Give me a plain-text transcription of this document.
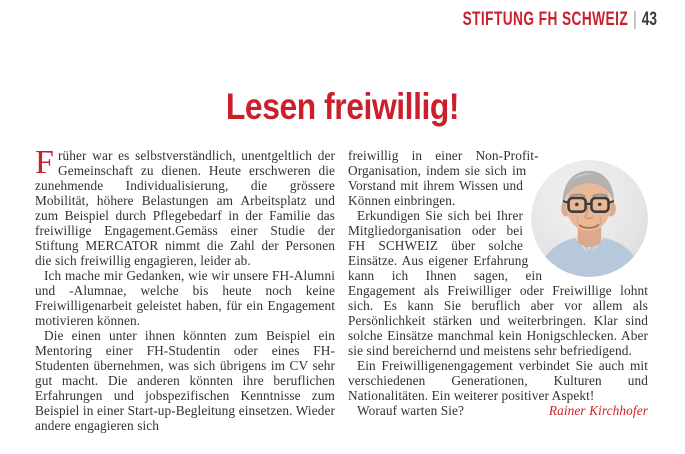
STIFTUNG FH SCHWEIZ | 43
Lesen freiwillig!

Früher war es selbstverständlich, unentgeltlich der Gemeinschaft zu dienen. Heute erschweren die zunehmende Individualisierung, die grössere Mobilität, höhere Belastungen am Arbeitsplatz und zum Beispiel durch Pflegebedarf in der Familie das freiwillige Engagement.Gemäss einer Studie der Stiftung MERCATOR nimmt die Zahl der Personen die sich freiwillig engagieren, leider ab.

Ich mache mir Gedanken, wie wir unsere FH-Alumni und -Alumnae, welche bis heute noch keine Freiwilligenarbeit geleistet haben, für ein Engagement motivieren können.

Die einen unter ihnen könnten zum Beispiel ein Mentoring einer FH-Studentin oder eines FH-Studenten übernehmen, was sich übrigens im CV sehr gut macht. Die anderen könnten ihre beruflichen Erfahrungen und jobspezifischen Kenntnisse zum Beispiel in einer Start-up-Begleitung einsetzen. Wieder andere engagieren sich

freiwillig in einer Non-Profit-Organisation, indem sie sich im Vorstand mit ihrem Wissen und Können einbringen.

Erkundigen Sie sich bei Ihrer Mitgliedorganisation oder bei FH SCHWEIZ über solche Einsätze. Aus eigener Erfahrung kann ich Ihnen sagen, ein Engagement als Freiwilliger oder Freiwillige lohnt sich. Es kann Sie beruflich aber vor allem als Persönlichkeit stärken und weiterbringen. Klar sind solche Einsätze manchmal kein Honigschlecken. Aber sie sind bereichernd und meistens sehr befriedigend.

Ein Freiwilligenengagement verbindet Sie auch mit verschiedenen Generationen, Kulturen und Nationalitäten. Ein weiterer positiver Aspekt!

Worauf warten Sie?	Rainer Kirchhofer
